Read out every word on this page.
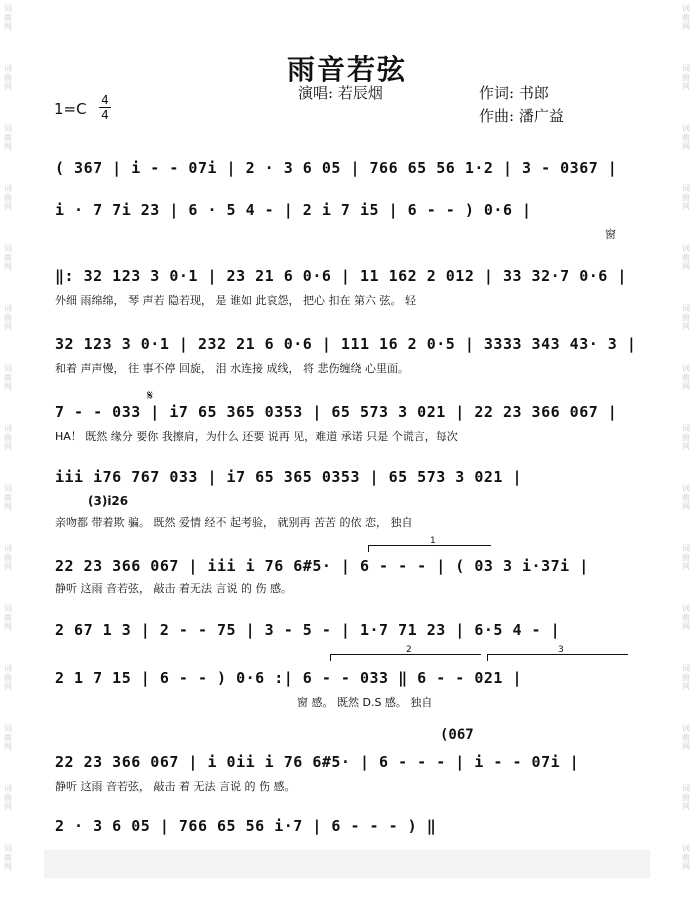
词
曲
网
词
曲
网
词
曲
网
词
曲
网
词
曲
网
词
曲
网
词
曲
网
词
曲
网
词
曲
网
词
曲
网
词
曲
网
词
曲
网
词
曲
网
词
曲
网
词
曲
网
词
曲
网
词
曲
网
词
曲
网
词
曲
网
词
曲
网
词
曲
网
词
曲
网
词
曲
网
词
曲
网
词
曲
网
词
曲
网
词
曲
网
词
曲
网
词
曲
网
词
曲
网
雨音若弦
演唱: 若辰烟	作词: 书郎
作曲: 潘广益
1=C 4
4
( 367 | i - - 07i | 2 · 3 6 05 | 766 65 56 1·2 | 3 - 0367 |
i · 7 7i 23 | 6 · 5 4 - | 2 i 7 i5 | 6 - - ) 0·6 |
窗
‖: 32 123 3 0·1 | 23 21 6 0·6 | 11 162 2 012 | 33 32·7 0·6 |
外细 雨绵绵， 琴 声若 隐若现， 是 谁如 此哀怨， 把心 扣在 第六 弦。 轻
32 123 3 0·1 | 232 21 6 0·6 | 111 16 2 0·5 | 3333 343 43· 3 |
和着 声声慢， 往 事不停 回旋， 泪 水连接 成线， 将 悲伤缠绕 心里面。
𝄋
7 - - 033 | i7 65 365 0353 | 65 573 3 021 | 22 23 366 067 |
HA！ 既然 缘分 要你 我擦肩，为什么 还要 说再 见，难道 承诺 只是 个谎言，每次
iii i76 767 033 | i7 65 365 0353 | 65 573 3 021 |
(3)i26
亲吻都 带着欺 骗。 既然 爱情 经不 起考验， 就别再 苦苦 的依 恋， 独自
1
22 23 366 067 | iii i 76 6#5· | 6 - - - | ( 03 3 i·37i |
静听 这雨 音若弦， 敲击 着无法 言说 的 伤 感。
2 67 1 3 | 2 - - 75 | 3 - 5 - | 1·7 71 23 | 6·5 4 - |
2	3
2 1 7 15 | 6 - - ) 0·6 :| 6 - - 033 ‖ 6 - - 021 |
窗 感。 既然 D.S 感。 独自
(067
22 23 366 067 | i 0ii i 76 6#5· | 6 - - - | i - - 07i |
静听 这雨 音若弦， 敲击 着 无法 言说 的 伤 感。
2 · 3 6 05 | 766 65 56 i·7 | 6 - - - ) ‖
